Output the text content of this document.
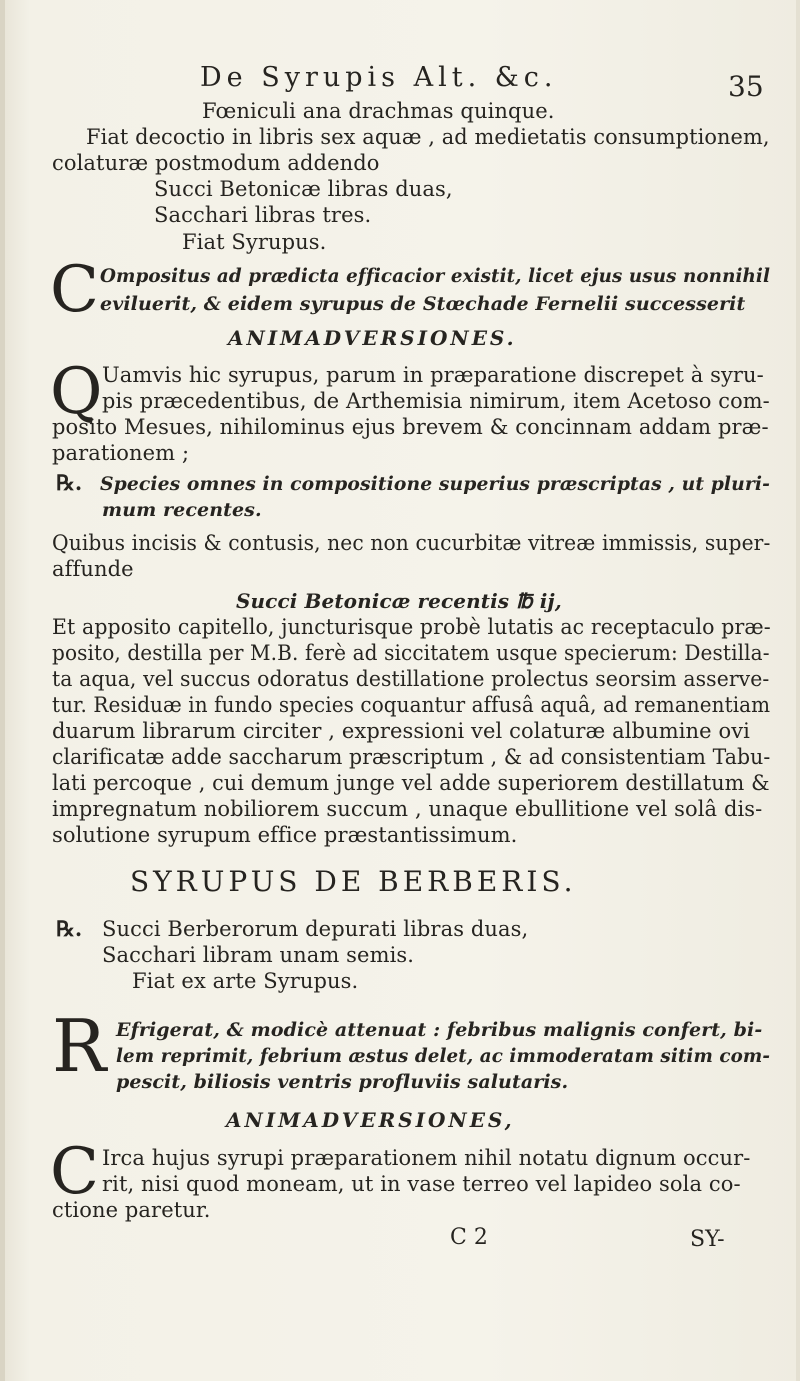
De Syrupis Alt. &c.	35
Fœniculi ana drachmas quinque.
Fiat decoctio in libris sex aquæ , ad medietatis consumptionem,
colaturæ postmodum addendo
Succi Betonicæ libras duas,
Sacchari libras tres.
Fiat Syrupus.
C Ompositus ad prædicta efficacior existit, licet ejus usus nonnihil
eviluerit, & eidem syrupus de Stœchade Fernelii successerit
ANIMADVERSIONES.
Q Uamvis hic syrupus, parum in præparatione discrepet à syru-
pis præcedentibus, de Arthemisia nimirum, item Acetoso com-
posito Mesues, nihilominus ejus brevem & concinnam addam præ-
parationem ;
℞. Species omnes in compositione superius præscriptas , ut pluri-
mum recentes.
Quibus incisis & contusis, nec non cucurbitæ vitreæ immissis, super-
affunde
Succi Betonicæ recentis ℔ ij,
Et apposito capitello, juncturisque probè lutatis ac receptaculo præ-
posito, destilla per M.B. ferè ad siccitatem usque specierum: Destilla-
ta aqua, vel succus odoratus destillatione prolectus seorsim asserve-
tur. Residuæ in fundo species coquantur affusâ aquâ, ad remanentiam
duarum librarum circiter , expressioni vel colaturæ albumine ovi
clarificatæ adde saccharum præscriptum , & ad consistentiam Tabu-
lati percoque , cui demum junge vel adde superiorem destillatum &
impregnatum nobiliorem succum , unaque ebullitione vel solâ dis-
solutione syrupum effice præstantissimum.
SYRUPUS DE BERBERIS.
℞. Succi Berberorum depurati libras duas,
Sacchari libram unam semis.
Fiat ex arte Syrupus.
R Efrigerat, & modicè attenuat : febribus malignis confert, bi-
lem reprimit, febrium æstus delet, ac immoderatam sitim com-
pescit, biliosis ventris profluviis salutaris.
ANIMADVERSIONES,
C Irca hujus syrupi præparationem nihil notatu dignum occur-
rit, nisi quod moneam, ut in vase terreo vel lapideo sola co-
ctione paretur.
C 2	SY-
